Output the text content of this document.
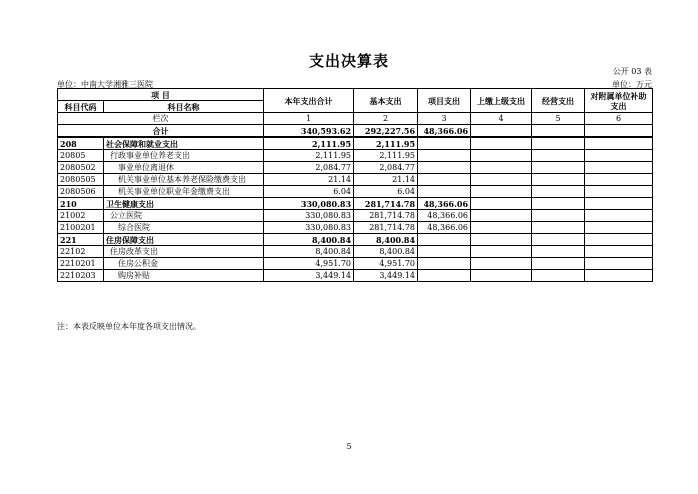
支出决算表
公开 03 表
单位：中南大学湘雅三医院	单位：万元
项 目		本年支出合计	基本支出	项目支出	上缴上级支出	经营支出	对附属单位补助支出
科目代码	科目名称						
栏次		1	2	3	4	5	6
合计		340,593.62	292,227.56	48,366.06			
208	社会保障和就业支出	2,111.95	2,111.95				
20805	行政事业单位养老支出	2,111.95	2,111.95				
2080502	事业单位离退休	2,084.77	2,084.77				
2080505	机关事业单位基本养老保险缴费支出	21.14	21.14				
2080506	机关事业单位职业年金缴费支出	6.04	6.04				
210	卫生健康支出	330,080.83	281,714.78	48,366.06			
21002	公立医院	330,080.83	281,714.78	48,366.06			
2100201	综合医院	330,080.83	281,714.78	48,366.06			
221	住房保障支出	8,400.84	8,400.84				
22102	住房改革支出	8,400.84	8,400.84				
2210201	住房公积金	4,951.70	4,951.70				
2210203	购房补贴	3,449.14	3,449.14				
注：本表反映单位本年度各项支出情况。
5
